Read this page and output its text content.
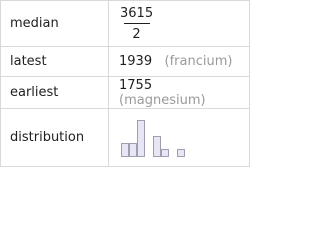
median	$\frac{3615}{2}$

latest	1939 (francium)
earliest	1755   (magnesium)
distribution	
